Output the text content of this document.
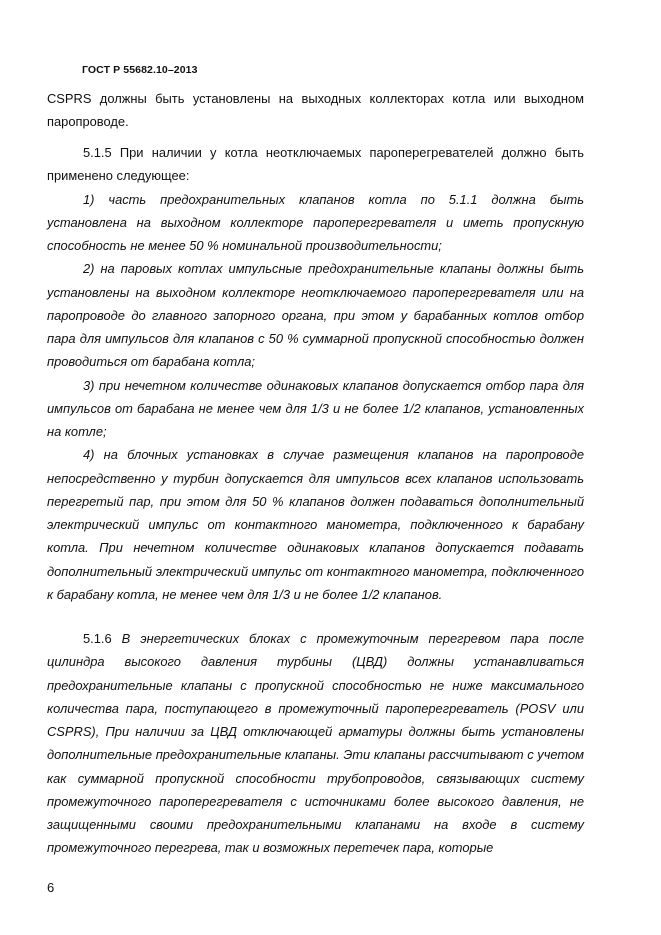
ГОСТ Р 55682.10–2013

CSPRS должны быть установлены на выходных коллекторах котла или выходном паропроводе.

5.1.5 При наличии у котла неотключаемых пароперегревателей должно быть применено следующее:

1) часть предохранительных клапанов котла по 5.1.1 должна быть установлена на выходном коллекторе пароперегревателя и иметь пропускную способность не менее 50 % номинальной производительности;

2) на паровых котлах импульсные предохранительные клапаны должны быть установлены на выходном коллекторе неотключаемого пароперегревателя или на паропроводе до главного запорного органа, при этом у барабанных котлов отбор пара для импульсов для клапанов с 50 % суммарной пропускной способностью должен проводиться от барабана котла;

3) при нечетном количестве одинаковых клапанов допускается отбор пара для импульсов от барабана не менее чем для 1/3 и не более 1/2 клапанов, установленных на котле;

4) на блочных установках в случае размещения клапанов на паропроводе непосредственно у турбин допускается для импульсов всех клапанов использовать перегретый пар, при этом для 50 % клапанов должен подаваться дополнительный электрический импульс от контактного манометра, подключенного к барабану котла. При нечетном количестве одинаковых клапанов допускается подавать дополнительный электрический импульс от контактного манометра, подключенного к барабану котла, не менее чем для 1/3 и не более 1/2 клапанов.

5.1.6 В энергетических блоках с промежуточным перегревом пара после цилиндра высокого давления турбины (ЦВД) должны устанавливаться предохранительные клапаны с пропускной способностью не ниже максимального количества пара, поступающего в промежуточный пароперегреватель (POSV или CSPRS), При наличии за ЦВД отключающей арматуры должны быть установлены дополнительные предохранительные клапаны. Эти клапаны рассчитывают с учетом как суммарной пропускной способности трубопроводов, связывающих систему промежуточного пароперегревателя с источниками более высокого давления, не защищенными своими предохранительными клапанами на входе в систему промежуточного перегрева, так и возможных перетечек пара, которые

6
